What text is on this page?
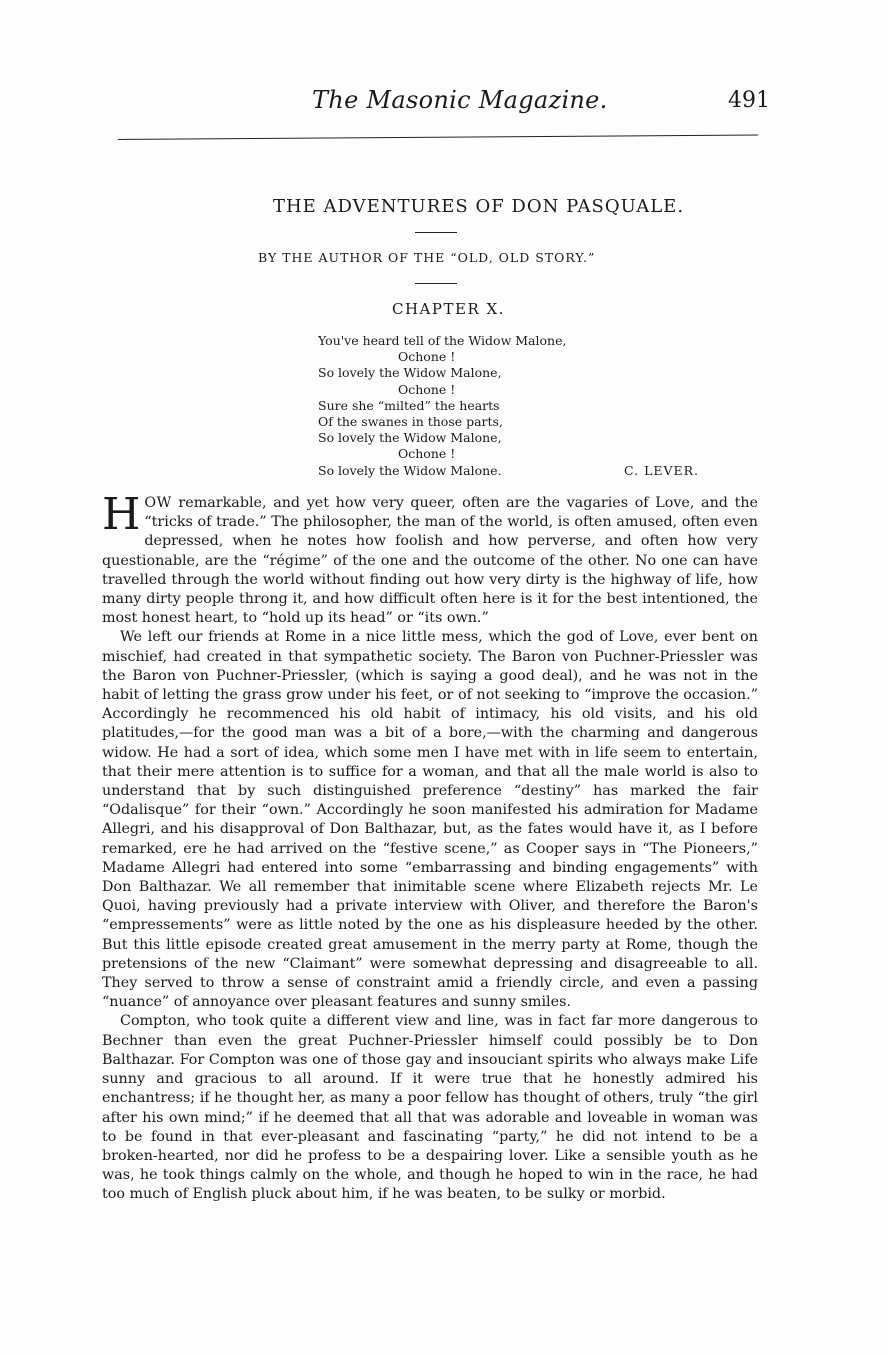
The Masonic Magazine.	491
THE ADVENTURES OF DON PASQUALE.
BY THE AUTHOR OF THE “OLD, OLD STORY.”
CHAPTER X.
You've heard tell of the Widow Malone,
Ochone !
So lovely the Widow Malone,
Ochone !
Sure she “milted” the hearts
Of the swanes in those parts,
So lovely the Widow Malone,
Ochone !
So lovely the Widow Malone.	C. LEVER.

HOW remarkable, and yet how very queer, often are the vagaries of Love, and the “tricks of trade.” The philosopher, the man of the world, is often amused, often even depressed, when he notes how foolish and how perverse, and often how very questionable, are the “régime” of the one and the outcome of the other. No one can have travelled through the world without finding out how very dirty is the highway of life, how many dirty people throng it, and how difficult often here is it for the best intentioned, the most honest heart, to “hold up its head” or “its own.”

We left our friends at Rome in a nice little mess, which the god of Love, ever bent on mischief, had created in that sympathetic society. The Baron von Puchner-Priessler was the Baron von Puchner-Priessler, (which is saying a good deal), and he was not in the habit of letting the grass grow under his feet, or of not seeking to “improve the occasion.” Accordingly he recommenced his old habit of intimacy, his old visits, and his old platitudes,—for the good man was a bit of a bore,—with the charming and dangerous widow. He had a sort of idea, which some men I have met with in life seem to entertain, that their mere attention is to suffice for a woman, and that all the male world is also to understand that by such distinguished preference “destiny” has marked the fair “Odalisque” for their “own.” Accordingly he soon manifested his admiration for Madame Allegri, and his disapproval of Don Balthazar, but, as the fates would have it, as I before remarked, ere he had arrived on the “festive scene,” as Cooper says in “The Pioneers,” Madame Allegri had entered into some “embarrassing and binding engagements” with Don Balthazar. We all remember that inimitable scene where Elizabeth rejects Mr. Le Quoi, having previously had a private interview with Oliver, and therefore the Baron's “empressements” were as little noted by the one as his displeasure heeded by the other. But this little episode created great amusement in the merry party at Rome, though the pretensions of the new “Claimant” were somewhat depressing and disagreeable to all. They served to throw a sense of constraint amid a friendly circle, and even a passing “nuance” of annoyance over pleasant features and sunny smiles.

Compton, who took quite a different view and line, was in fact far more dangerous to Bechner than even the great Puchner-Priessler himself could possibly be to Don Balthazar. For Compton was one of those gay and insouciant spirits who always make Life sunny and gracious to all around. If it were true that he honestly admired his enchantress; if he thought her, as many a poor fellow has thought of others, truly “the girl after his own mind;” if he deemed that all that was adorable and loveable in woman was to be found in that ever-pleasant and fascinating “party,” he did not intend to be a broken-hearted, nor did he profess to be a despairing lover. Like a sensible youth as he was, he took things calmly on the whole, and though he hoped to win in the race, he had too much of English pluck about him, if he was beaten, to be sulky or morbid.
